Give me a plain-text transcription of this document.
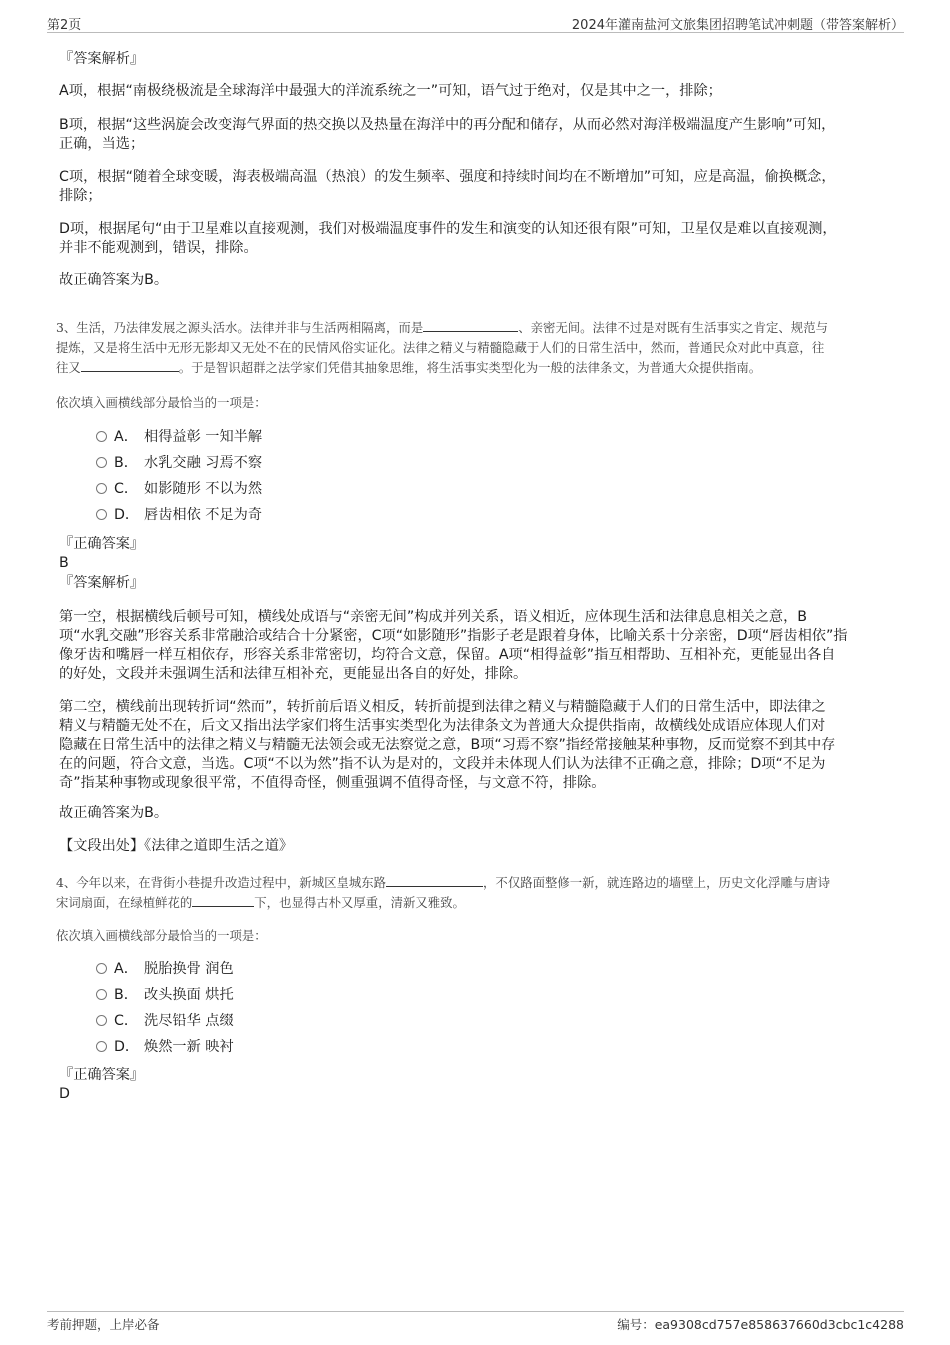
第2页	2024年灌南盐河文旅集团招聘笔试冲刺题（带答案解析）
『答案解析』
A项，根据“南极绕极流是全球海洋中最强大的洋流系统之一”可知，语气过于绝对，仅是其中之一，排除；
B项，根据“这些涡旋会改变海气界面的热交换以及热量在海洋中的再分配和储存，从而必然对海洋极端温度产生影响”可知，
正确，当选；
C项，根据“随着全球变暖，海表极端高温（热浪）的发生频率、强度和持续时间均在不断增加”可知，应是高温，偷换概念，
排除；
D项，根据尾句“由于卫星难以直接观测，我们对极端温度事件的发生和演变的认知还很有限”可知，卫星仅是难以直接观测，
并非不能观测到，错误，排除。
故正确答案为B。
3、生活，乃法律发展之源头活水。法律并非与生活两相隔离，而是	、亲密无间。法律不过是对既有生活事实之肯定、规范与
提炼，又是将生活中无形无影却又无处不在的民情风俗实证化。法律之精义与精髓隐藏于人们的日常生活中，然而，普通民众对此中真意，往
往又	。于是智识超群之法学家们凭借其抽象思维，将生活事实类型化为一般的法律条文，为普通大众提供指南。
依次填入画横线部分最恰当的一项是：
A． 相得益彰 一知半解
B． 水乳交融 习焉不察
C． 如影随形 不以为然
D． 唇齿相依 不足为奇
『正确答案』
B
『答案解析』
第一空，根据横线后顿号可知，横线处成语与“亲密无间”构成并列关系，语义相近，应体现生活和法律息息相关之意，B
项“水乳交融”形容关系非常融洽或结合十分紧密，C项“如影随形”指影子老是跟着身体，比喻关系十分亲密，D项“唇齿相依”指
像牙齿和嘴唇一样互相依存，形容关系非常密切，均符合文意，保留。A项“相得益彰”指互相帮助、互相补充，更能显出各自
的好处，文段并未强调生活和法律互相补充，更能显出各自的好处，排除。
第二空，横线前出现转折词“然而”，转折前后语义相反，转折前提到法律之精义与精髓隐藏于人们的日常生活中，即法律之
精义与精髓无处不在，后文又指出法学家们将生活事实类型化为法律条文为普通大众提供指南，故横线处成语应体现人们对
隐藏在日常生活中的法律之精义与精髓无法领会或无法察觉之意，B项“习焉不察”指经常接触某种事物，反而觉察不到其中存
在的问题，符合文意，当选。C项“不以为然”指不认为是对的，文段并未体现人们认为法律不正确之意，排除；D项“不足为
奇”指某种事物或现象很平常，不值得奇怪，侧重强调不值得奇怪，与文意不符，排除。
故正确答案为B。
【文段出处】《法律之道即生活之道》
4、今年以来，在背街小巷提升改造过程中，新城区皇城东路	，不仅路面整修一新，就连路边的墙壁上，历史文化浮雕与唐诗
宋词扇面，在绿植鲜花的	下，也显得古朴又厚重，清新又雅致。
依次填入画横线部分最恰当的一项是：
A． 脱胎换骨 润色
B． 改头换面 烘托
C． 洗尽铅华 点缀
D． 焕然一新 映衬
『正确答案』
D
考前押题，上岸必备	编号：ea9308cd757e858637660d3cbc1c4288
